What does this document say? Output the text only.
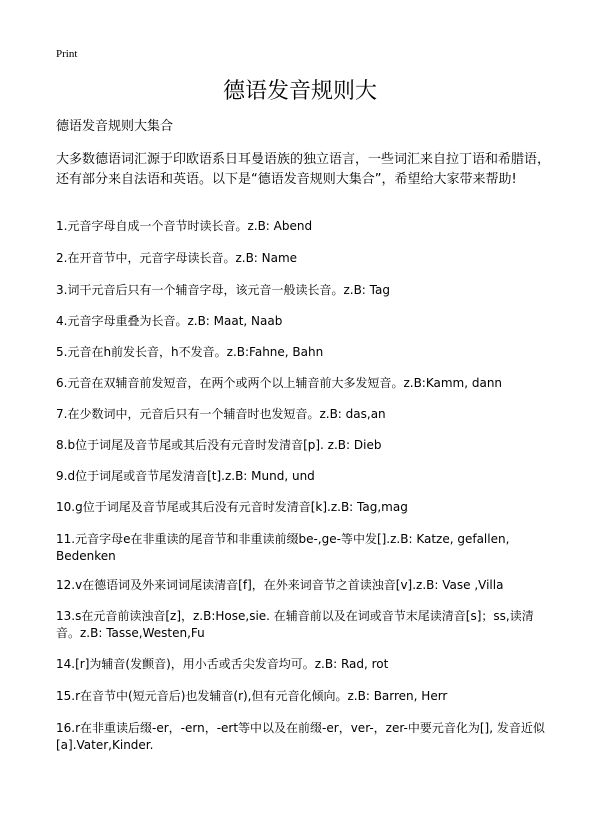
Print
德语发音规则大
德语发音规则大集合
大多数德语词汇源于印欧语系日耳曼语族的独立语言，一些词汇来自拉丁语和希腊语，还有部分来自法语和英语。以下是“德语发音规则大集合”，希望给大家带来帮助!
1.元音字母自成一个音节时读长音。z.B: Abend
2.在开音节中，元音字母读长音。z.B: Name
3.词干元音后只有一个辅音字母，该元音一般读长音。z.B: Tag
4.元音字母重叠为长音。z.B: Maat, Naab
5.元音在h前发长音，h不发音。z.B:Fahne, Bahn
6.元音在双辅音前发短音，在两个或两个以上辅音前大多发短音。z.B:Kamm, dann
7.在少数词中，元音后只有一个辅音时也发短音。z.B: das,an
8.b位于词尾及音节尾或其后没有元音时发清音[p]. z.B: Dieb
9.d位于词尾或音节尾发清音[t].z.B: Mund, und
10.g位于词尾及音节尾或其后没有元音时发清音[k].z.B: Tag,mag
11.元音字母e在非重读的尾音节和非重读前缀be-,ge-等中发[].z.B: Katze, gefallen, Bedenken
12.v在德语词及外来词词尾读清音[f]，在外来词音节之首读浊音[v].z.B: Vase ,Villa
13.s在元音前读浊音[z]，z.B:Hose,sie. 在辅音前以及在词或音节末尾读清音[s]；ss,读清音。z.B: Tasse,Westen,Fu
14.[r]为辅音(发颤音)，用小舌或舌尖发音均可。z.B: Rad, rot
15.r在音节中(短元音后)也发辅音(r),但有元音化倾向。z.B: Barren, Herr
16.r在非重读后缀-er，-ern，-ert等中以及在前缀-er，ver-，zer-中要元音化为[], 发音近似[a].Vater,Kinder.
